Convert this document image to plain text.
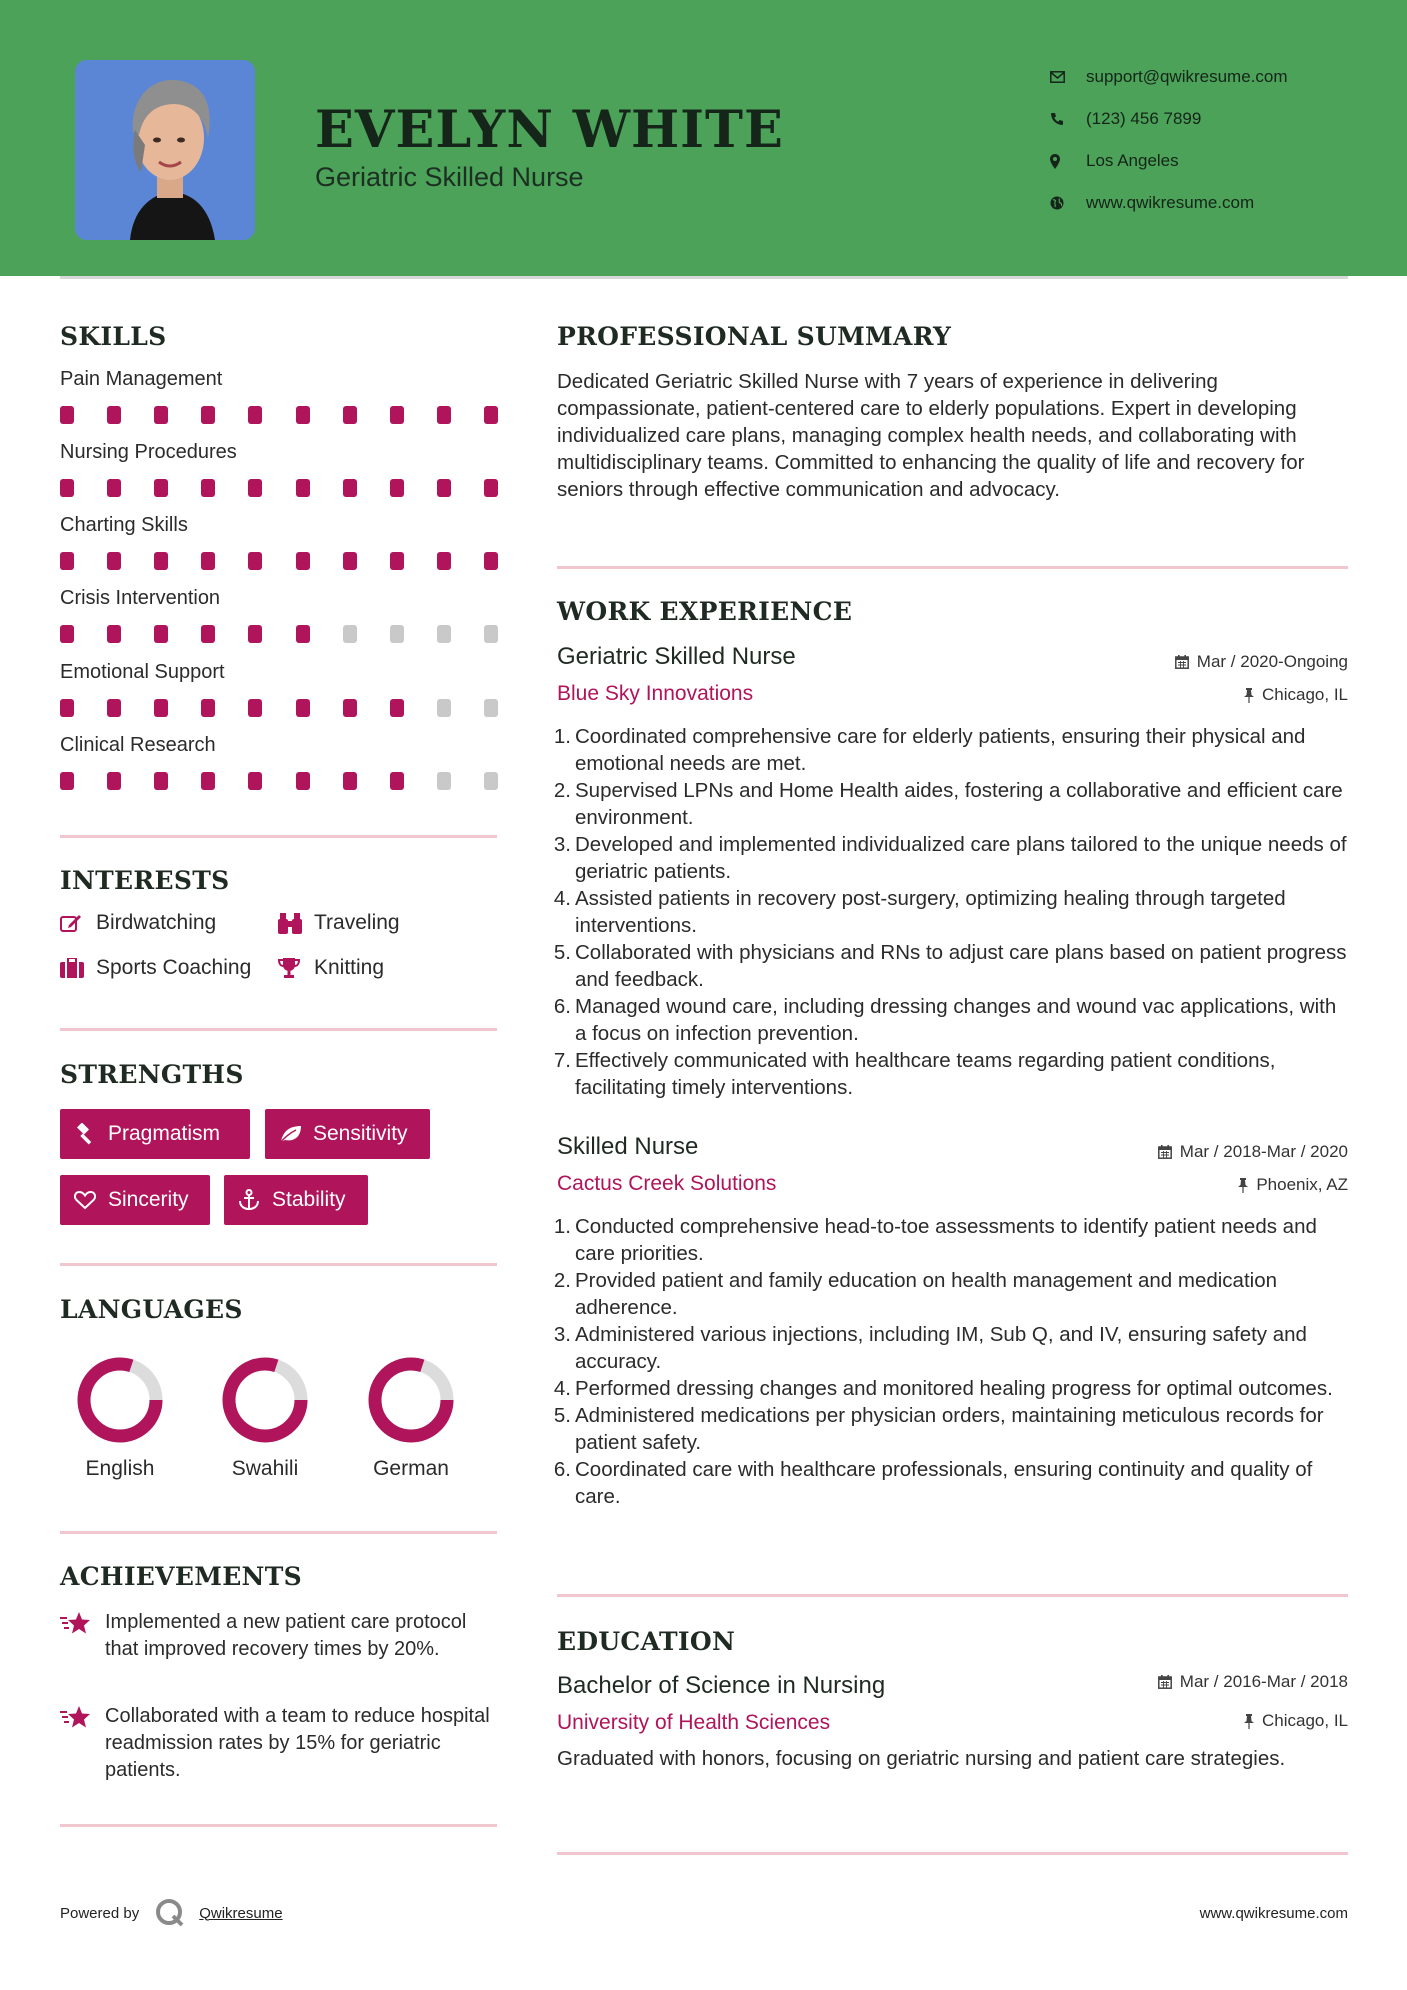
EVELYN WHITE
Geriatric Skilled Nurse
support@qwikresume.com
(123) 456 7899
Los Angeles
www.qwikresume.com
SKILLS
Pain Management
Nursing Procedures
Charting Skills
Crisis Intervention
Emotional Support
Clinical Research
INTERESTS
Birdwatching	Traveling
Sports Coaching	Knitting
STRENGTHS
Pragmatism	Sensitivity
Sincerity	Stability
LANGUAGES
English	Swahili	German
ACHIEVEMENTS
Implemented a new patient care protocol that improved recovery times by 20%.
Collaborated with a team to reduce hospital readmission rates by 15% for geriatric patients.
PROFESSIONAL SUMMARY
Dedicated Geriatric Skilled Nurse with 7 years of experience in delivering compassionate, patient-centered care to elderly populations. Expert in developing individualized care plans, managing complex health needs, and collaborating with multidisciplinary teams. Committed to enhancing the quality of life and recovery for seniors through effective communication and advocacy.
WORK EXPERIENCE
Geriatric Skilled Nurse	Mar / 2020-Ongoing
Blue Sky Innovations	Chicago, IL
1. Coordinated comprehensive care for elderly patients, ensuring their physical and emotional needs are met.
2. Supervised LPNs and Home Health aides, fostering a collaborative and efficient care environment.
3. Developed and implemented individualized care plans tailored to the unique needs of geriatric patients.
4. Assisted patients in recovery post-surgery, optimizing healing through targeted interventions.
5. Collaborated with physicians and RNs to adjust care plans based on patient progress and feedback.
6. Managed wound care, including dressing changes and wound vac applications, with a focus on infection prevention.
7. Effectively communicated with healthcare teams regarding patient conditions, facilitating timely interventions.
Skilled Nurse	Mar / 2018-Mar / 2020
Cactus Creek Solutions	Phoenix, AZ
1. Conducted comprehensive head-to-toe assessments to identify patient needs and care priorities.
2. Provided patient and family education on health management and medication adherence.
3. Administered various injections, including IM, Sub Q, and IV, ensuring safety and accuracy.
4. Performed dressing changes and monitored healing progress for optimal outcomes.
5. Administered medications per physician orders, maintaining meticulous records for patient safety.
6. Coordinated care with healthcare professionals, ensuring continuity and quality of care.
EDUCATION
Bachelor of Science in Nursing	Mar / 2016-Mar / 2018
University of Health Sciences	Chicago, IL
Graduated with honors, focusing on geriatric nursing and patient care strategies.
Powered by	Qwikresume	www.qwikresume.com
